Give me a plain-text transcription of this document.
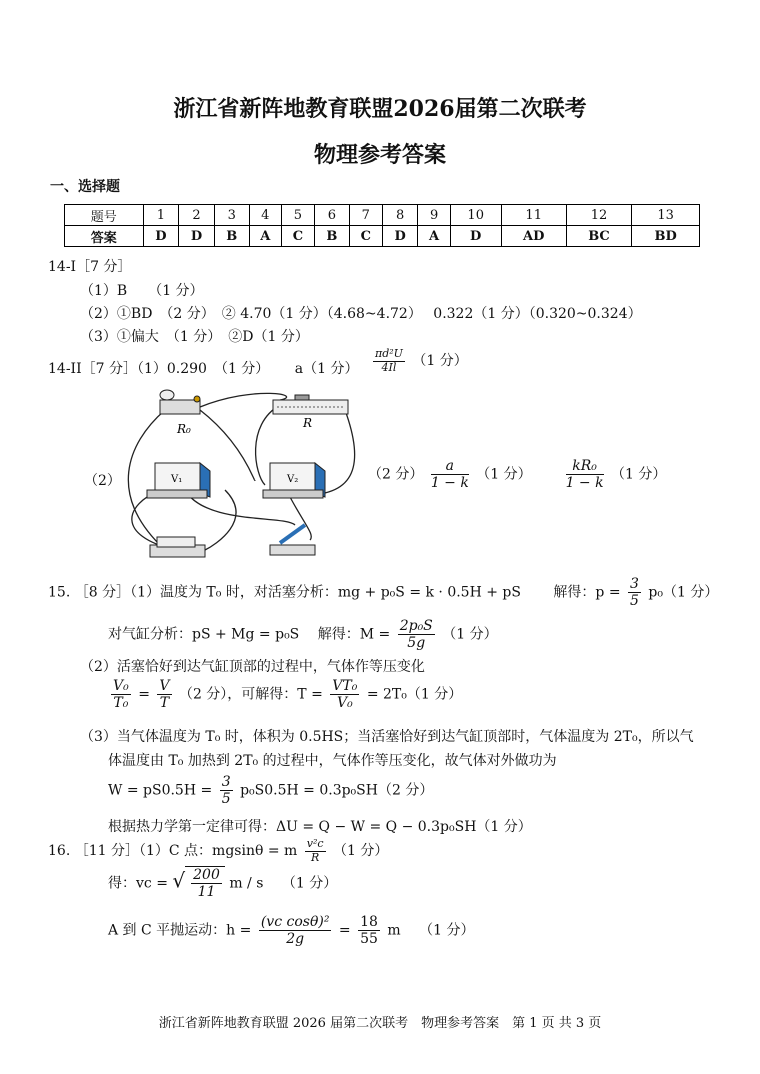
浙江省新阵地教育联盟2026届第二次联考
物理参考答案
一、选择题
题号	1	2	3	4	5	6	7	8	9	10	11	12	13
答案	D	D	B	A	C	B	C	D	A	D	AD	BC	BD
14-I［7 分］
（1）B　　（1 分）
（2）①BD　（2 分）　② 4.70（1 分）（4.68~4.72）　 0.322（1 分）（0.320~0.324）
（3）①偏大　（1 分）　②D（1 分）
14-II［7 分］（1）0.290　（1 分）　　 a（1 分） $\frac{\text{πd²U}}{4Il} (1$ 分）
R₀	R
V₁	V₂
（2）	（2 分） $\frac{a}{1 - k} (1$ 分） $\frac{\text{kR₀}}{1 - k} (1$ 分）
15. ［8 分］（1）温度为 T₀ 时，对活塞分析：mg + p₀S = k · 0.5H + pS　　 解得：$p = \frac{3}{5} p_0(1$ 分）
对气缸分析：pS + Mg = p₀S　 解得：$M = \frac{\text{2p₀S}}{5g} (1$ 分）
（2）活塞恰好到达气缸顶部的过程中，气体作等压变化
$\frac{\text{V₀}}{\text{T₀}} = \frac{V}{T} (2$ 分），可解得：$T = \frac{\text{VT₀}}{\text{V₀}} = 2T_0(1$ 分）
（3）当气体温度为 T₀ 时，体积为 0.5HS；当活塞恰好到达气缸顶部时，气体温度为 2T₀，所以气
体温度由 T₀ 加热到 2T₀ 的过程中，气体作等压变化，故气体对外做功为
$W = pS0.5H = \frac{3}{5} p_0S0.5H = 0.3p_0SH(2$ 分）
根据热力学第一定律可得：ΔU = Q − W = Q − 0.3p₀SH（1 分）
16. ［11 分］（1）C 点：mgsinθ = m $\frac{\text{v²c}}{R} (1$ 分）
得：vc = √ $\frac{200}{11}$ m / s　 （1 分）
A 到 C 平抛运动：$h = \frac{\text{(vc cosθ)²}}{2g} = \frac{18}{55}$ m　 （1 分）
浙江省新阵地教育联盟 2026 届第二次联考　物理参考答案　第 1 页 共 3 页
